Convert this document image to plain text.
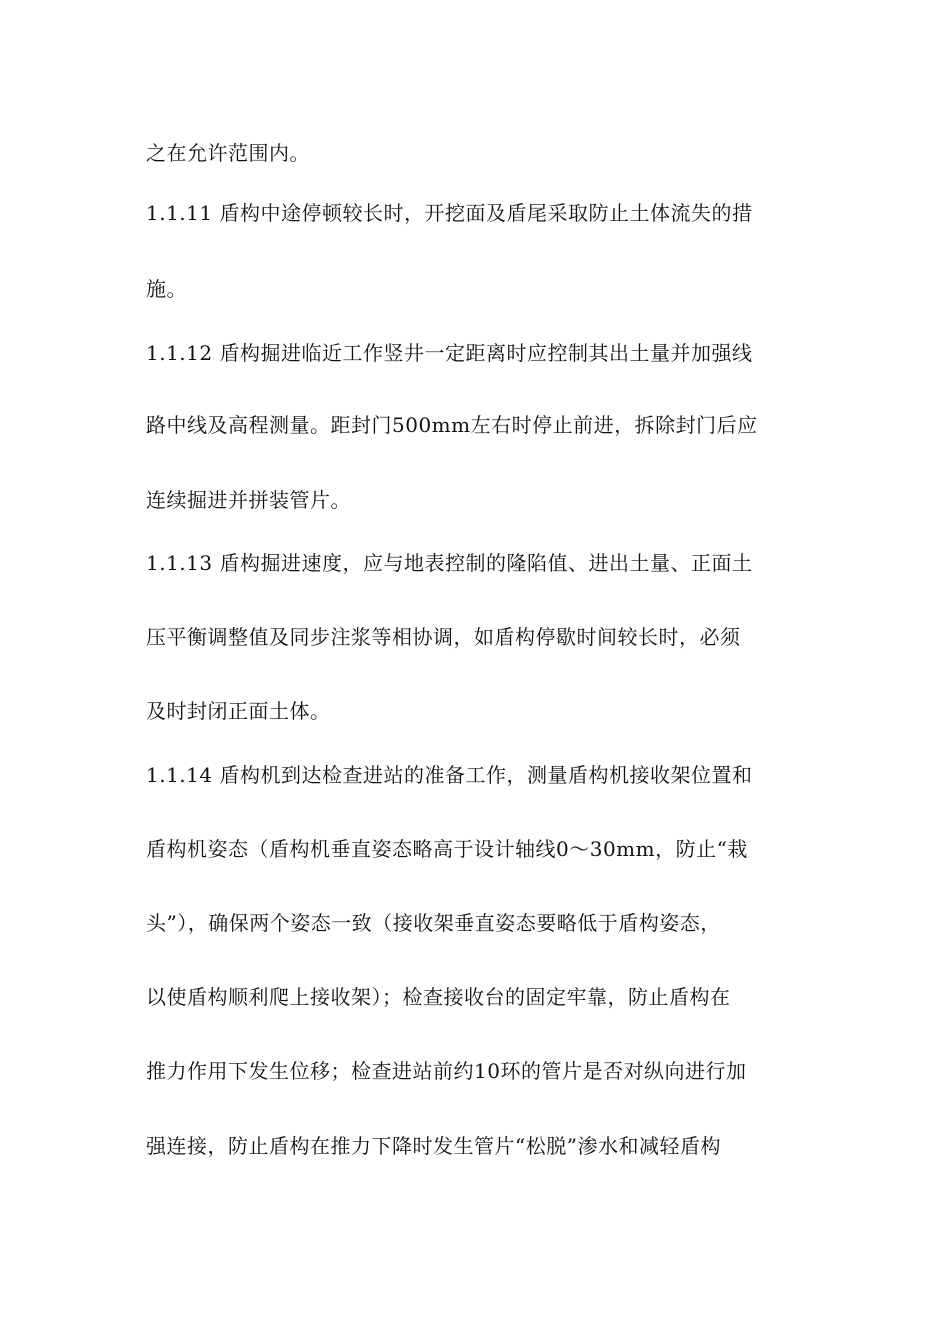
之在允许范围内。

1.1.11 盾构中途停顿较长时，开挖面及盾尾采取防止土体流失的措

施。

1.1.12 盾构掘进临近工作竖井一定距离时应控制其出土量并加强线

路中线及高程测量。距封门500mm左右时停止前进，拆除封门后应

连续掘进并拼装管片。

1.1.13 盾构掘进速度，应与地表控制的隆陷值、进出土量、正面土

压平衡调整值及同步注浆等相协调，如盾构停歇时间较长时，必须

及时封闭正面土体。

1.1.14 盾构机到达检查进站的准备工作，测量盾构机接收架位置和

盾构机姿态（盾构机垂直姿态略高于设计轴线0～30mm，防止“栽

头”），确保两个姿态一致（接收架垂直姿态要略低于盾构姿态，

以使盾构顺利爬上接收架）；检查接收台的固定牢靠，防止盾构在

推力作用下发生位移；检查进站前约10环的管片是否对纵向进行加

强连接，防止盾构在推力下降时发生管片“松脱”渗水和减轻盾构
